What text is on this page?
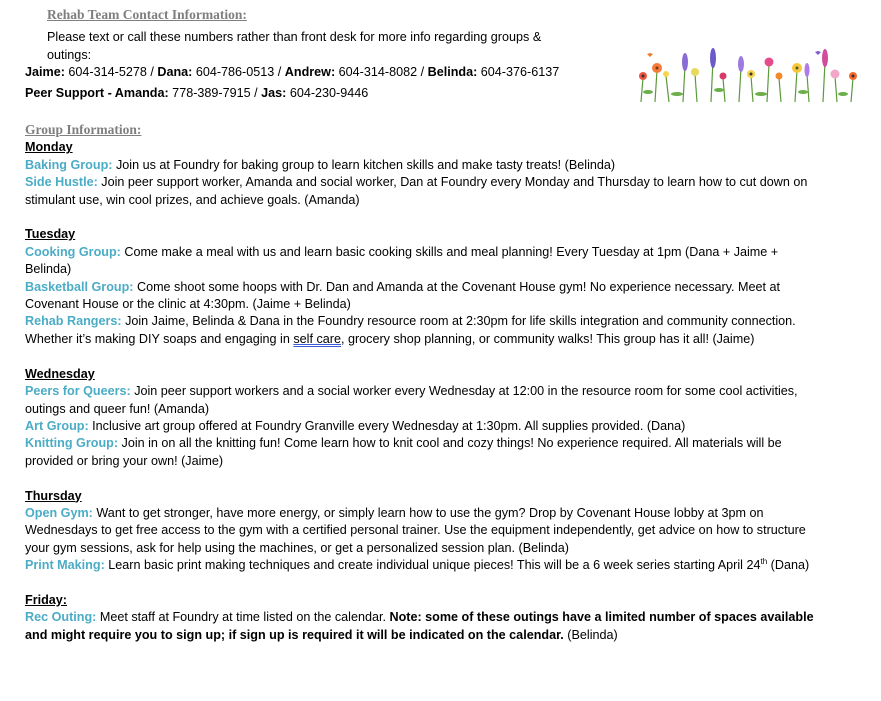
Rehab Team Contact Information:

Please text or call these numbers rather than front desk for more info regarding groups & outings:

Jaime: 604-314-5278 / Dana: 604-786-0513 / Andrew: 604-314-8082 / Belinda: 604-376-6137

Peer Support - Amanda: 778-389-7915 / Jas: 604-230-9446

Group Information:

Monday

Baking Group: Join us at Foundry for baking group to learn kitchen skills and make tasty treats! (Belinda)

Side Hustle: Join peer support worker, Amanda and social worker, Dan at Foundry every Monday and Thursday to learn how to cut down on stimulant use, win cool prizes, and achieve goals. (Amanda)

Tuesday

Cooking Group: Come make a meal with us and learn basic cooking skills and meal planning! Every Tuesday at 1pm (Dana + Jaime + Belinda)

Basketball Group: Come shoot some hoops with Dr. Dan and Amanda at the Covenant House gym! No experience necessary. Meet at Covenant House or the clinic at 4:30pm. (Jaime + Belinda)

Rehab Rangers: Join Jaime, Belinda & Dana in the Foundry resource room at 2:30pm for life skills integration and community connection. Whether it’s making DIY soaps and engaging in self care, grocery shop planning, or community walks! This group has it all! (Jaime)

Wednesday

Peers for Queers: Join peer support workers and a social worker every Wednesday at 12:00 in the resource room for some cool activities, outings and queer fun! (Amanda)

Art Group: Inclusive art group offered at Foundry Granville every Wednesday at 1:30pm. All supplies provided. (Dana)

Knitting Group: Join in on all the knitting fun! Come learn how to knit cool and cozy things! No experience required. All materials will be provided or bring your own! (Jaime)

Thursday

Open Gym: Want to get stronger, have more energy, or simply learn how to use the gym? Drop by Covenant House lobby at 3pm on Wednesdays to get free access to the gym with a certified personal trainer. Use the equipment independently, get advice on how to structure your gym sessions, ask for help using the machines, or get a personalized session plan. (Belinda)

Print Making: Learn basic print making techniques and create individual unique pieces! This will be a 6 week series starting April 24th (Dana)

Friday:

Rec Outing: Meet staff at Foundry at time listed on the calendar. Note: some of these outings have a limited number of spaces available and might require you to sign up; if sign up is required it will be indicated on the calendar. (Belinda)
